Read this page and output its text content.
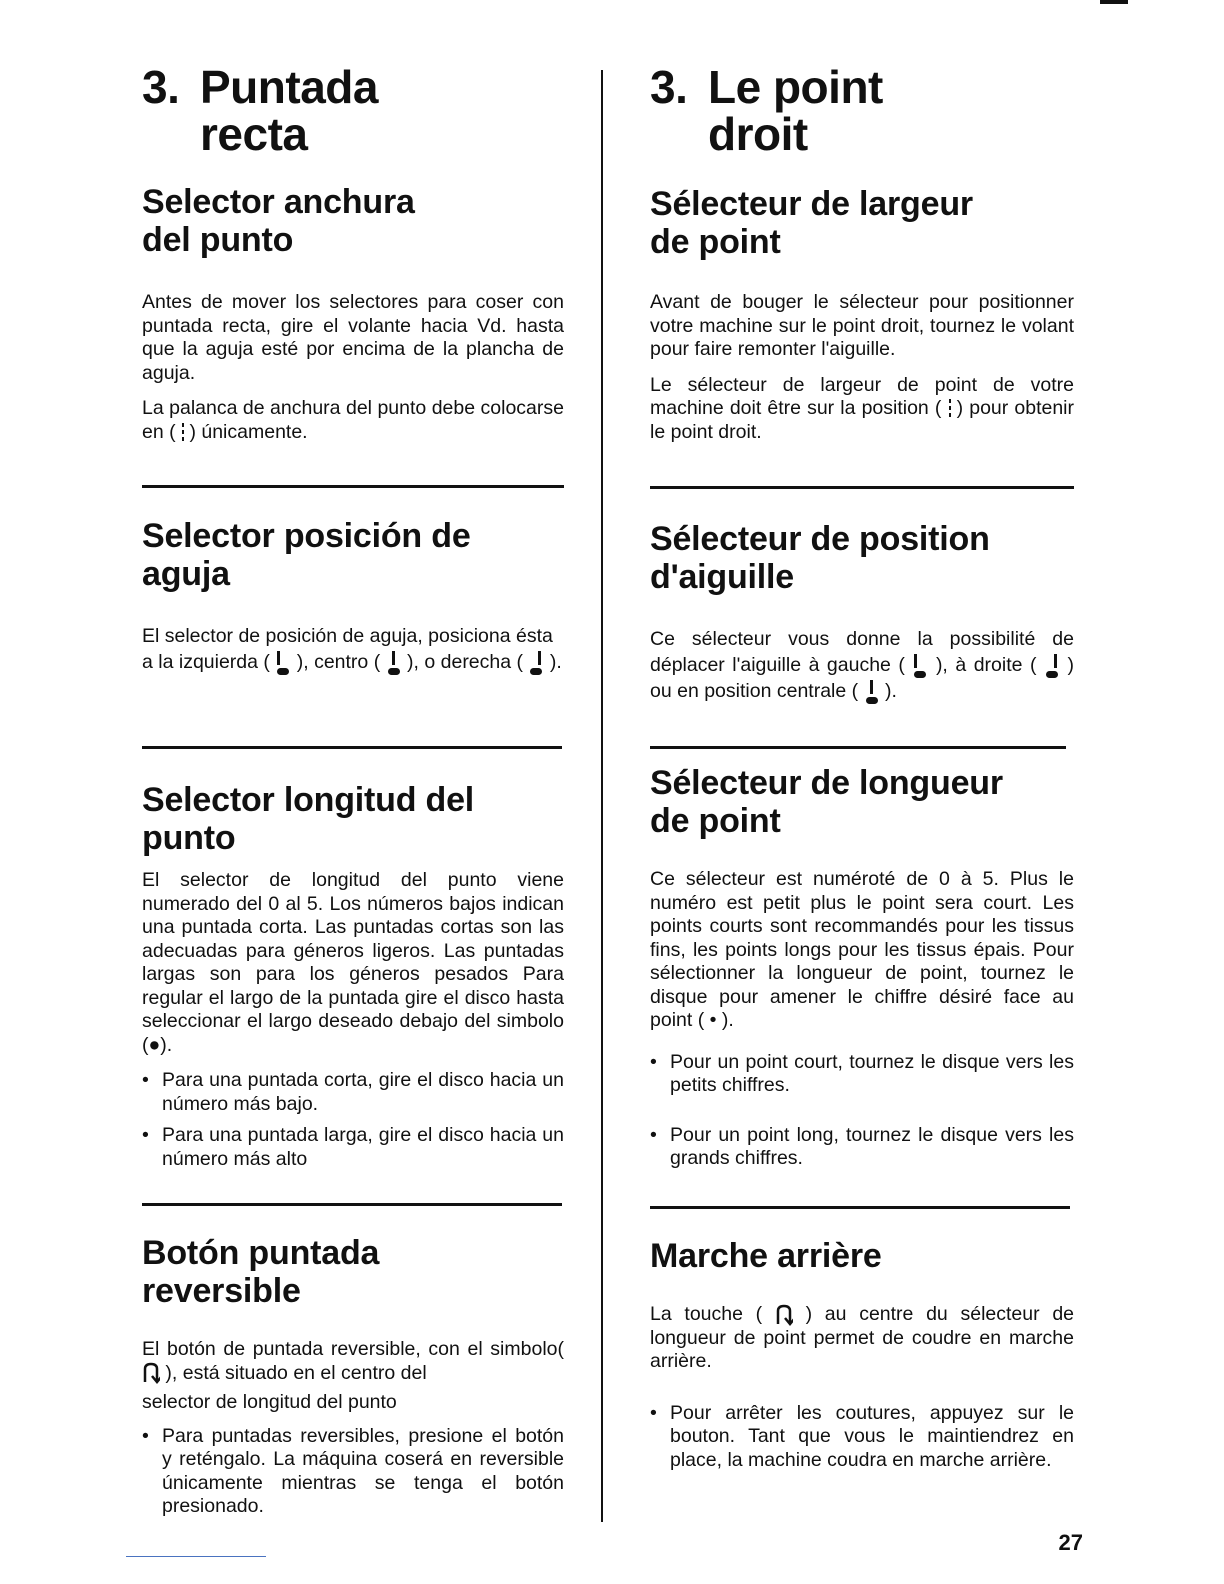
3. Puntada
recta
Selector anchura
del punto

Antes de mover los selectores para coser con puntada recta, gire el volante hacia Vd. hasta que la aguja esté por encima de la plancha de aguja.

La palanca de anchura del punto debe colocarse en ( ) únicamente.

Selector posición de
aguja

El selector de posición de aguja, posiciona ésta a la izquierda ( ), centro ( ), o derecha ( ).

Selector longitud del
punto

El selector de longitud del punto viene numerado del 0 al 5. Los números bajos indican una puntada corta. Las puntadas cortas son las adecuadas para géneros ligeros. Las puntadas largas son para los géneros pesados Para regular el largo de la puntada gire el disco hasta seleccionar el largo deseado debajo del simbolo (●).

• Para una puntada corta, gire el disco hacia un número más bajo.
• Para una puntada larga, gire el disco hacia un número más alto
Botón puntada
reversible

El botón de puntada reversible, con el simbolo(
), está situado en el centro del

selector de longitud del punto

• Para puntadas reversibles, presione el botón y reténgalo. La máquina coserá en reversible únicamente mientras se tenga el botón presionado.
3. Le point
droit
Sélecteur de largeur
de point

Avant de bouger le sélecteur pour positionner votre machine sur le point droit, tournez le volant pour faire remonter l'aiguille.

Le sélecteur de largeur de point de votre machine doit être sur la position ( ) pour obtenir le point droit.

Sélecteur de position
d'aiguille

Ce sélecteur vous donne la possibilité de déplacer l'aiguille à gauche ( ), à droite ( ) ou en position centrale ( ).

Sélecteur de longueur
de point

Ce sélecteur est numéroté de 0 à 5. Plus le numéro est petit plus le point sera court. Les points courts sont recommandés pour les tissus fins, les points longs pour les tissus épais. Pour sélectionner la longueur de point, tournez le disque pour amener le chiffre désiré face au point ( • ).

• Pour un point court, tournez le disque vers les petits chiffres.
• Pour un point long, tournez le disque vers les grands chiffres.
Marche arrière

La touche ( ) au centre du sélecteur de longueur de point permet de coudre en marche arrière.

• Pour arrêter les coutures, appuyez sur le bouton. Tant que vous le maintiendrez en place, la machine coudra en marche arrière.
27
